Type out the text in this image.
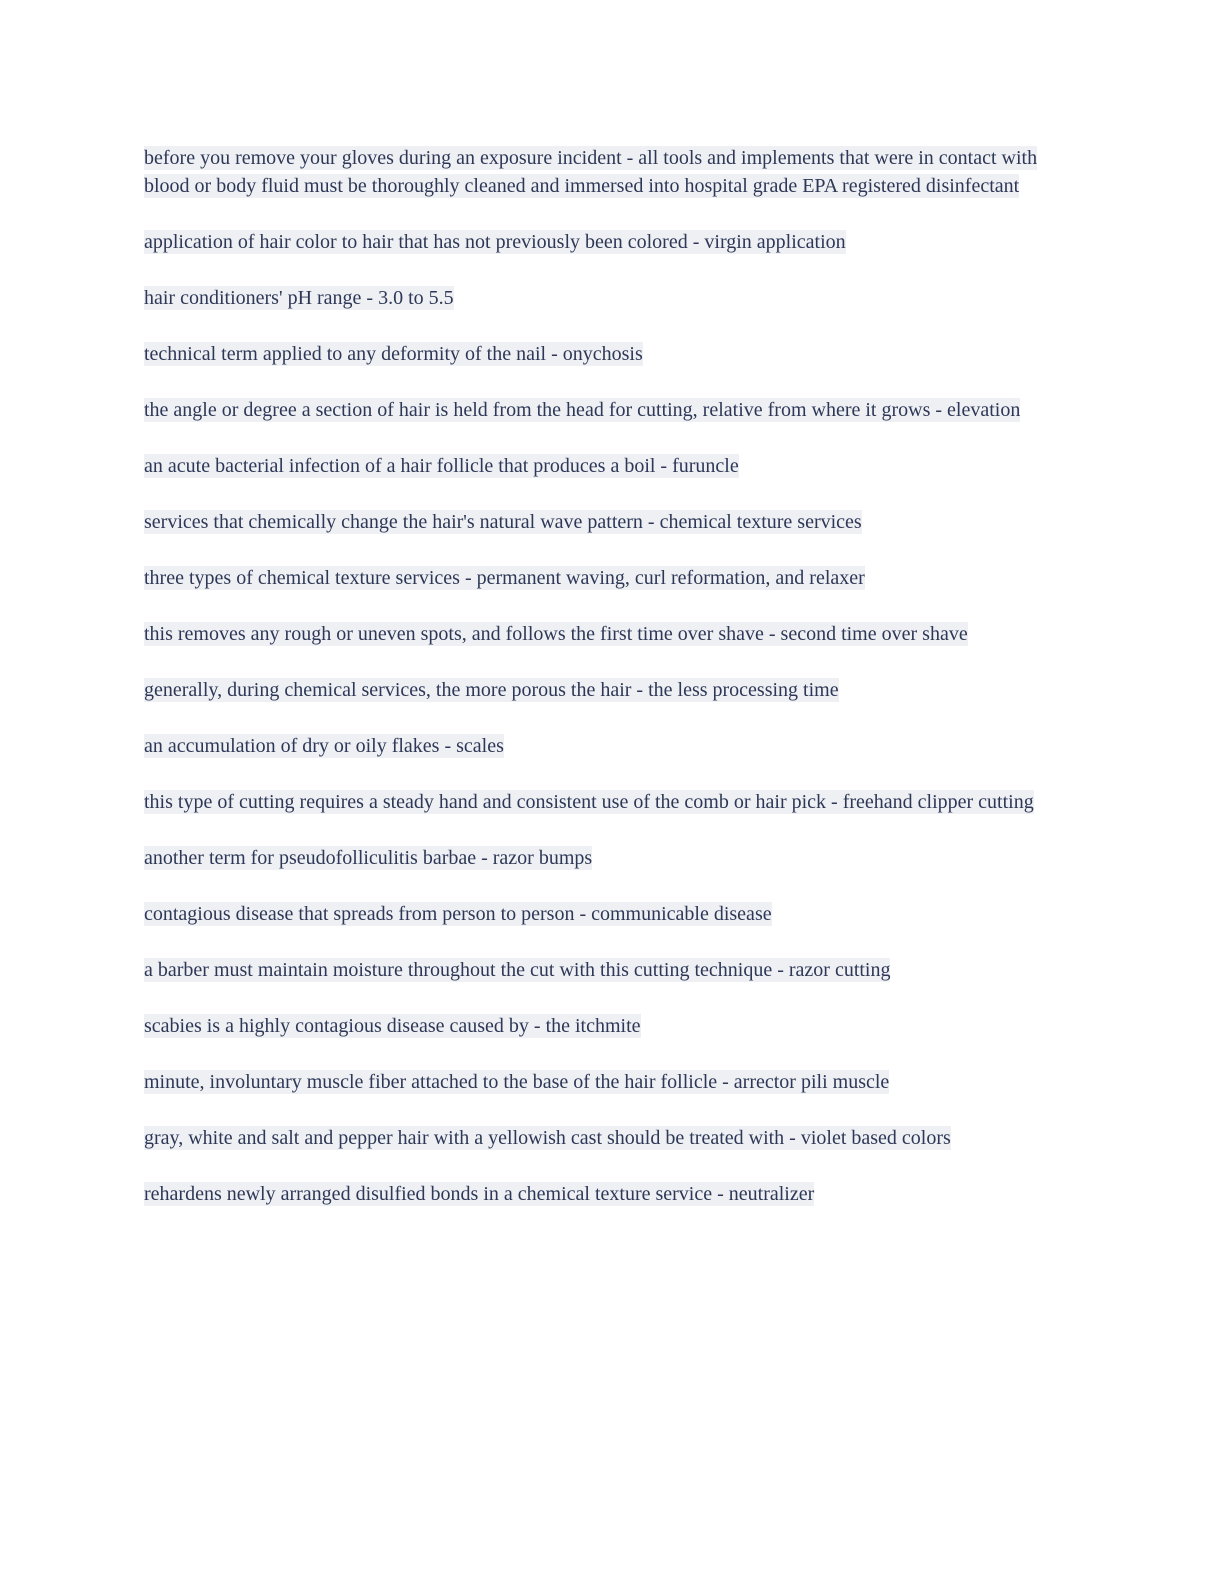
before you remove your gloves during an exposure incident - all tools and implements that were in contact with blood or body fluid must be thoroughly cleaned and immersed into hospital grade EPA registered disinfectant

application of hair color to hair that has not previously been colored - virgin application

hair conditioners' pH range - 3.0 to 5.5

technical term applied to any deformity of the nail - onychosis

the angle or degree a section of hair is held from the head for cutting, relative from where it grows - elevation

an acute bacterial infection of a hair follicle that produces a boil - furuncle

services that chemically change the hair's natural wave pattern - chemical texture services

three types of chemical texture services - permanent waving, curl reformation, and relaxer

this removes any rough or uneven spots, and follows the first time over shave - second time over shave

generally, during chemical services, the more porous the hair - the less processing time

an accumulation of dry or oily flakes - scales

this type of cutting requires a steady hand and consistent use of the comb or hair pick - freehand clipper cutting

another term for pseudofolliculitis barbae - razor bumps

contagious disease that spreads from person to person - communicable disease

a barber must maintain moisture throughout the cut with this cutting technique - razor cutting

scabies is a highly contagious disease caused by - the itchmite

minute, involuntary muscle fiber attached to the base of the hair follicle - arrector pili muscle

gray, white and salt and pepper hair with a yellowish cast should be treated with - violet based colors

rehardens newly arranged disulfied bonds in a chemical texture service - neutralizer
